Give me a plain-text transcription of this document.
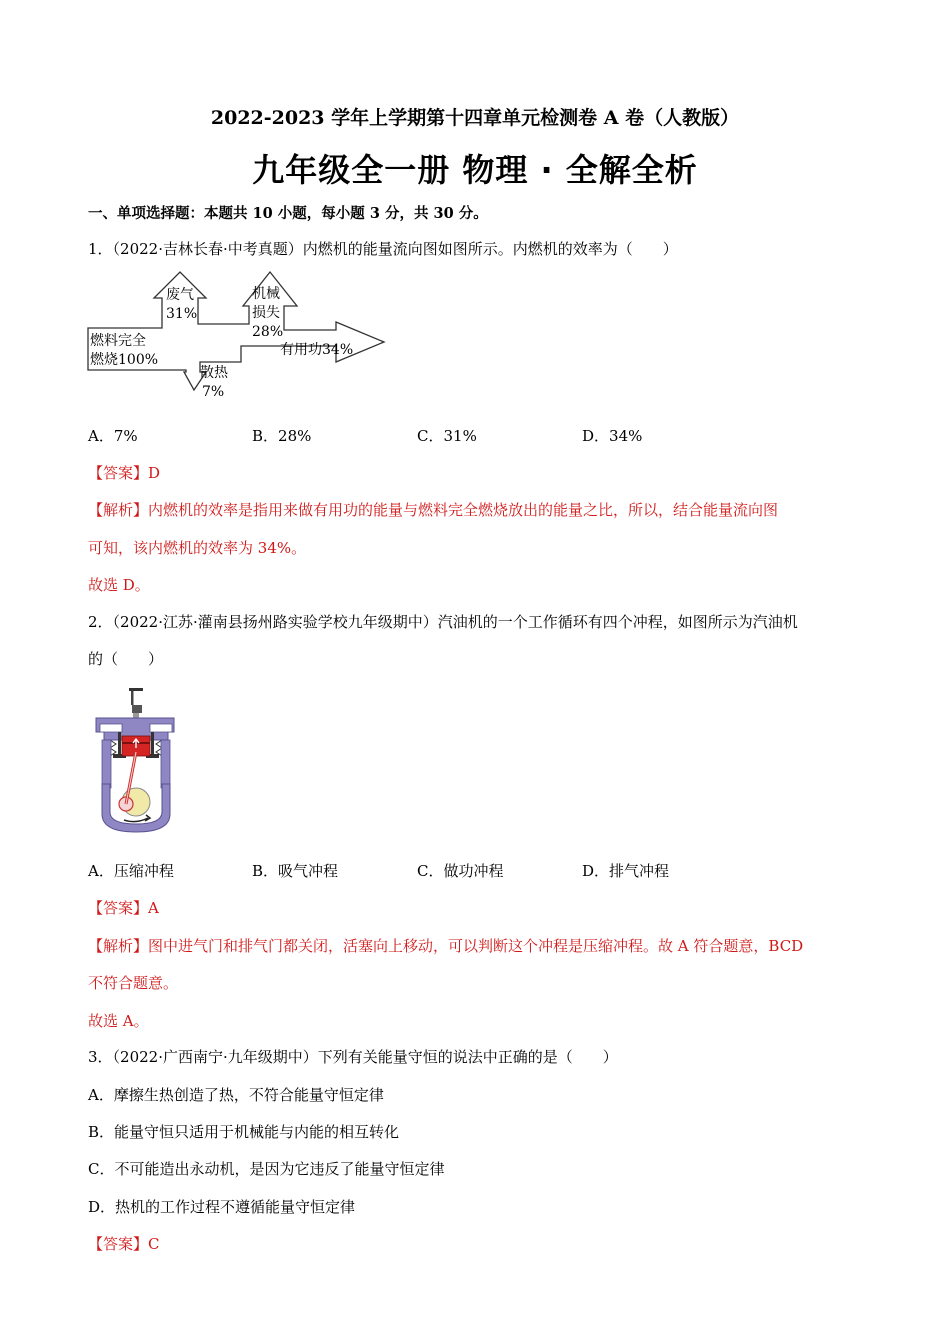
2022-2023 学年上学期第十四章单元检测卷 A 卷（人教版）
九年级全一册 物理 · 全解全析
一、单项选择题：本题共 10 小题，每小题 3 分，共 30 分。
1．（2022·吉林长春·中考真题）内燃机的能量流向图如图所示。内燃机的效率为（　　）
燃料完全
燃烧100%
废气
31%
机械
损失
28%
有用功34%
散热
7%
A．7%	B．28%	C．31%	D．34%
【答案】D
【解析】内燃机的效率是指用来做有用功的能量与燃料完全燃烧放出的能量之比，所以，结合能量流向图
可知，该内燃机的效率为 34%。
故选 D。
2．（2022·江苏·灌南县扬州路实验学校九年级期中）汽油机的一个工作循环有四个冲程，如图所示为汽油机
的（　　）
A．压缩冲程	B．吸气冲程	C．做功冲程	D．排气冲程
【答案】A
【解析】图中进气门和排气门都关闭，活塞向上移动，可以判断这个冲程是压缩冲程。故 A 符合题意，BCD
不符合题意。
故选 A。
3．（2022·广西南宁·九年级期中）下列有关能量守恒的说法中正确的是（　　）
A．摩擦生热创造了热，不符合能量守恒定律
B．能量守恒只适用于机械能与内能的相互转化
C．不可能造出永动机，是因为它违反了能量守恒定律
D．热机的工作过程不遵循能量守恒定律
【答案】C
